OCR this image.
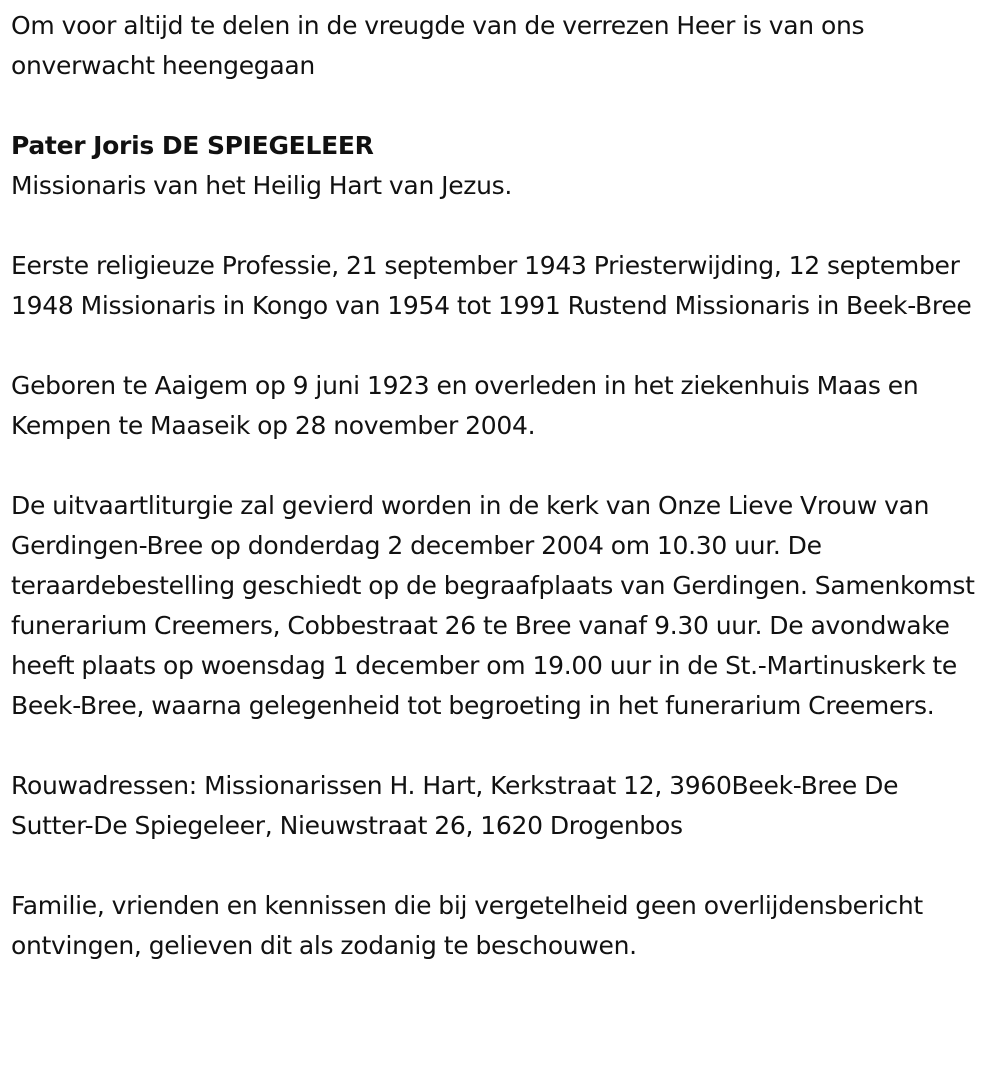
Om voor altijd te delen in de vreugde van de verrezen Heer is van ons onverwacht heengegaan

Pater Joris DE SPIEGELEER

Missionaris van het Heilig Hart van Jezus.

Eerste religieuze Professie, 21 september 1943 Priesterwijding, 12 september 1948 Missionaris in Kongo van 1954 tot 1991 Rustend Missionaris in Beek-Bree

Geboren te Aaigem op 9 juni 1923 en overleden in het ziekenhuis Maas en Kempen te Maaseik op 28 november 2004.

De uitvaartliturgie zal gevierd worden in de kerk van Onze Lieve Vrouw van Gerdingen-Bree op donderdag 2 december 2004 om 10.30 uur. De teraardebestelling geschiedt op de begraafplaats van Gerdingen. Samenkomst funerarium Creemers, Cobbestraat 26 te Bree vanaf 9.30 uur. De avondwake heeft plaats op woensdag 1 december om 19.00 uur in de St.-Martinuskerk te Beek-Bree, waarna gelegenheid tot begroeting in het funerarium Creemers.

Rouwadressen: Missionarissen H. Hart, Kerkstraat 12, 3960Beek-Bree De Sutter-De Spiegeleer, Nieuwstraat 26, 1620 Drogenbos

Familie, vrienden en kennissen die bij vergetelheid geen overlijdensbericht ontvingen, gelieven dit als zodanig te beschouwen.
